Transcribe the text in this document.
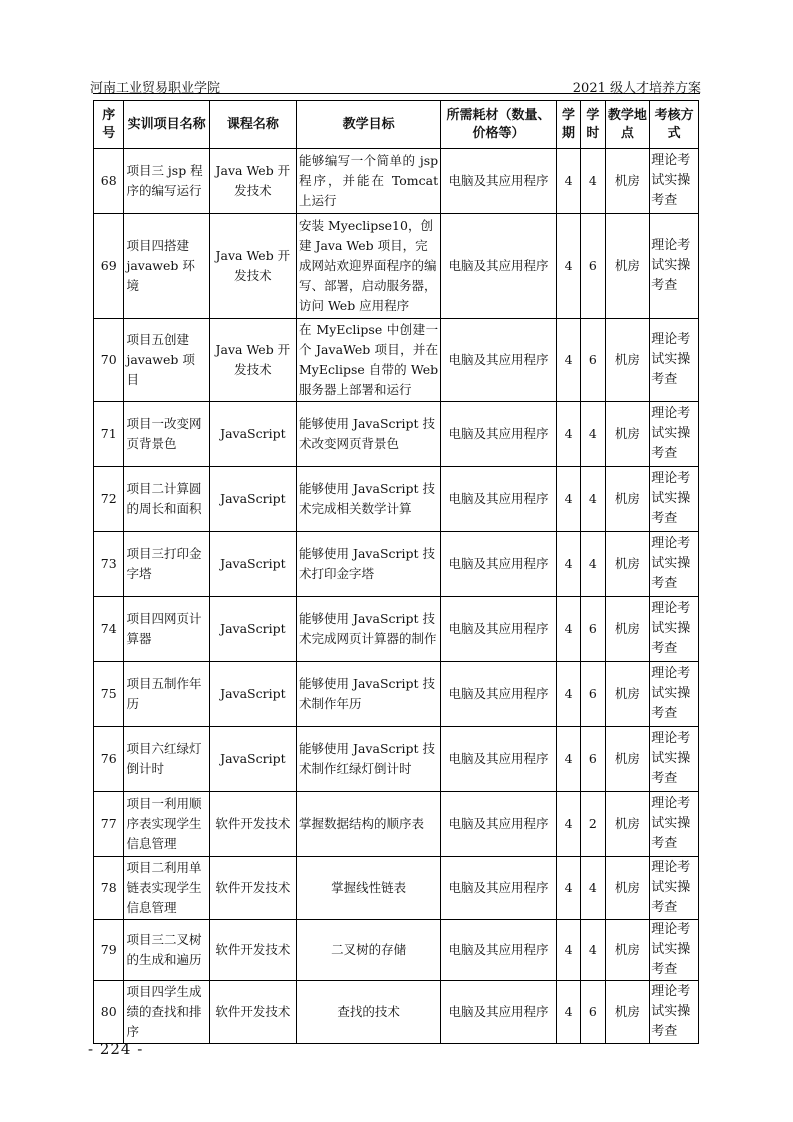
河南工业贸易职业学院	2021 级人才培养方案
序号	实训项目名称	课程名称	教学目标	所需耗材（数量、价格等）	学期	学时	教学地点	考核方式
68	项目三 jsp 程序的编写运行	Java Web 开发技术	能够编写一个简单的 jsp 程序，并能在 Tomcat 上运行	电脑及其应用程序	4	4	机房	理论考试实操考查
69	项目四搭建 javaweb 环境	Java Web 开发技术	安装 Myeclipse10，创建 Java Web 项目，完成网站欢迎界面程序的编写、部署，启动服务器，访问 Web 应用程序	电脑及其应用程序	4	6	机房	理论考试实操考查
70	项目五创建 javaweb 项目	Java Web 开发技术	在 MyEclipse 中创建一个 JavaWeb 项目，并在 MyEclipse 自带的 Web 服务器上部署和运行	电脑及其应用程序	4	6	机房	理论考试实操考查
71	项目一改变网页背景色	JavaScript	能够使用 JavaScript 技术改变网页背景色	电脑及其应用程序	4	4	机房	理论考试实操考查
72	项目二计算圆的周长和面积	JavaScript	能够使用 JavaScript 技术完成相关数学计算	电脑及其应用程序	4	4	机房	理论考试实操考查
73	项目三打印金字塔	JavaScript	能够使用 JavaScript 技术打印金字塔	电脑及其应用程序	4	4	机房	理论考试实操考查
74	项目四网页计算器	JavaScript	能够使用 JavaScript 技术完成网页计算器的制作	电脑及其应用程序	4	6	机房	理论考试实操考查
75	项目五制作年历	JavaScript	能够使用 JavaScript 技术制作年历	电脑及其应用程序	4	6	机房	理论考试实操考查
76	项目六红绿灯倒计时	JavaScript	能够使用 JavaScript 技术制作红绿灯倒计时	电脑及其应用程序	4	6	机房	理论考试实操考查
77	项目一利用顺序表实现学生信息管理	软件开发技术	掌握数据结构的顺序表	电脑及其应用程序	4	2	机房	理论考试实操考查
78	项目二利用单链表实现学生信息管理	软件开发技术	掌握线性链表	电脑及其应用程序	4	4	机房	理论考试实操考查
79	项目三二叉树的生成和遍历	软件开发技术	二叉树的存储	电脑及其应用程序	4	4	机房	理论考试实操考查
80	项目四学生成绩的查找和排序	软件开发技术	查找的技术	电脑及其应用程序	4	6	机房	理论考试实操考查
- 224 -
